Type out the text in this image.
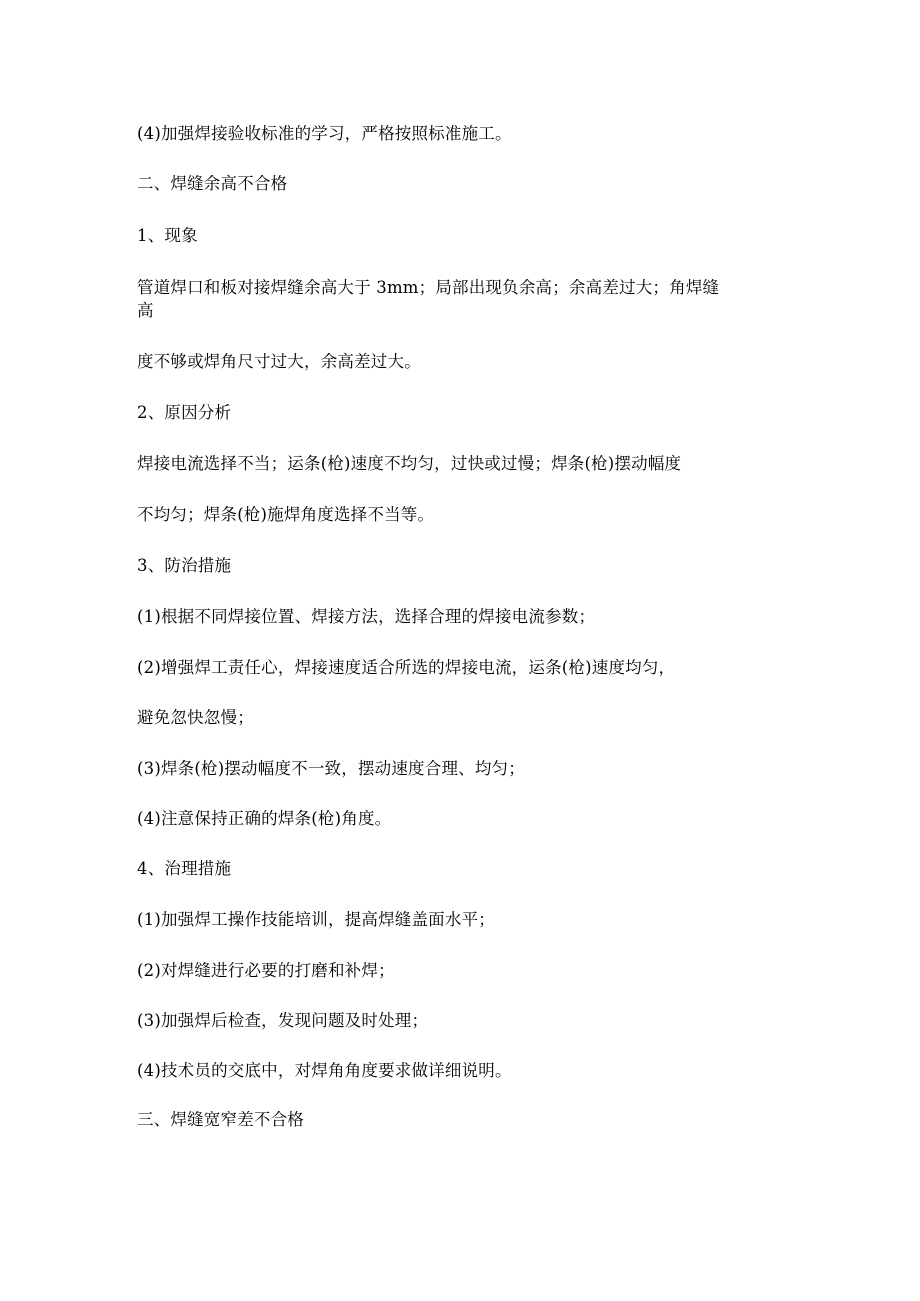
(4)加强焊接验收标准的学习，严格按照标准施工。
二、焊缝余高不合格
1、现象
管道焊口和板对接焊缝余高大于 3mm；局部出现负余高；余高差过大；角焊缝
高
度不够或焊角尺寸过大，余高差过大。
2、原因分析
焊接电流选择不当；运条(枪)速度不均匀，过快或过慢；焊条(枪)摆动幅度
不均匀；焊条(枪)施焊角度选择不当等。
3、防治措施
(1)根据不同焊接位置、焊接方法，选择合理的焊接电流参数；
(2)增强焊工责任心，焊接速度适合所选的焊接电流，运条(枪)速度均匀，
避免忽快忽慢；
(3)焊条(枪)摆动幅度不一致，摆动速度合理、均匀；
(4)注意保持正确的焊条(枪)角度。
4、治理措施
(1)加强焊工操作技能培训，提高焊缝盖面水平；
(2)对焊缝进行必要的打磨和补焊；
(3)加强焊后检查，发现问题及时处理；
(4)技术员的交底中，对焊角角度要求做详细说明。
三、焊缝宽窄差不合格
